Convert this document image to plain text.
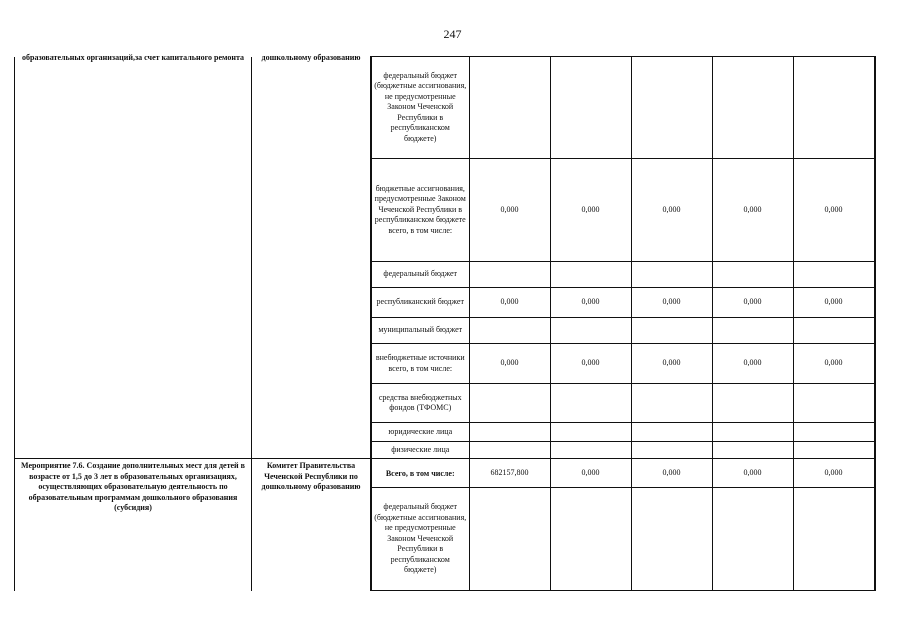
247
образовательных организаций,за счет капитального ремонта	дошкольному образованию	федеральный бюджет (бюджетные ассигнования, не предусмотренные Законом Чеченской Республики в республиканском бюджете)					
		бюджетные ассигнования, предусмотренные Законом Чеченской Республики в республиканском бюджете всего, в том числе:	0,000	0,000	0,000	0,000	0,000
		федеральный бюджет					
		республиканский бюджет	0,000	0,000	0,000	0,000	0,000
		муниципальный бюджет					
		внебюджетные источники всего, в том числе:	0,000	0,000	0,000	0,000	0,000
		средства внебюджетных фондов (ТФОМС)					
		юридические лица					
		физические лица					
Мероприятие 7.6. Создание дополнительных мест для детей в возрасте от 1,5 до 3 лет в образовательных организациях, осуществляющих образовательную деятельность по образовательным программам дошкольного образования (субсидия)	Комитет Правительства Чеченской Республики по дошкольному образованию	Всего, в том числе:	682157,800	0,000	0,000	0,000	0,000
		федеральный бюджет (бюджетные ассигнования, не предусмотренные Законом Чеченской Республики в республиканском бюджете)					
